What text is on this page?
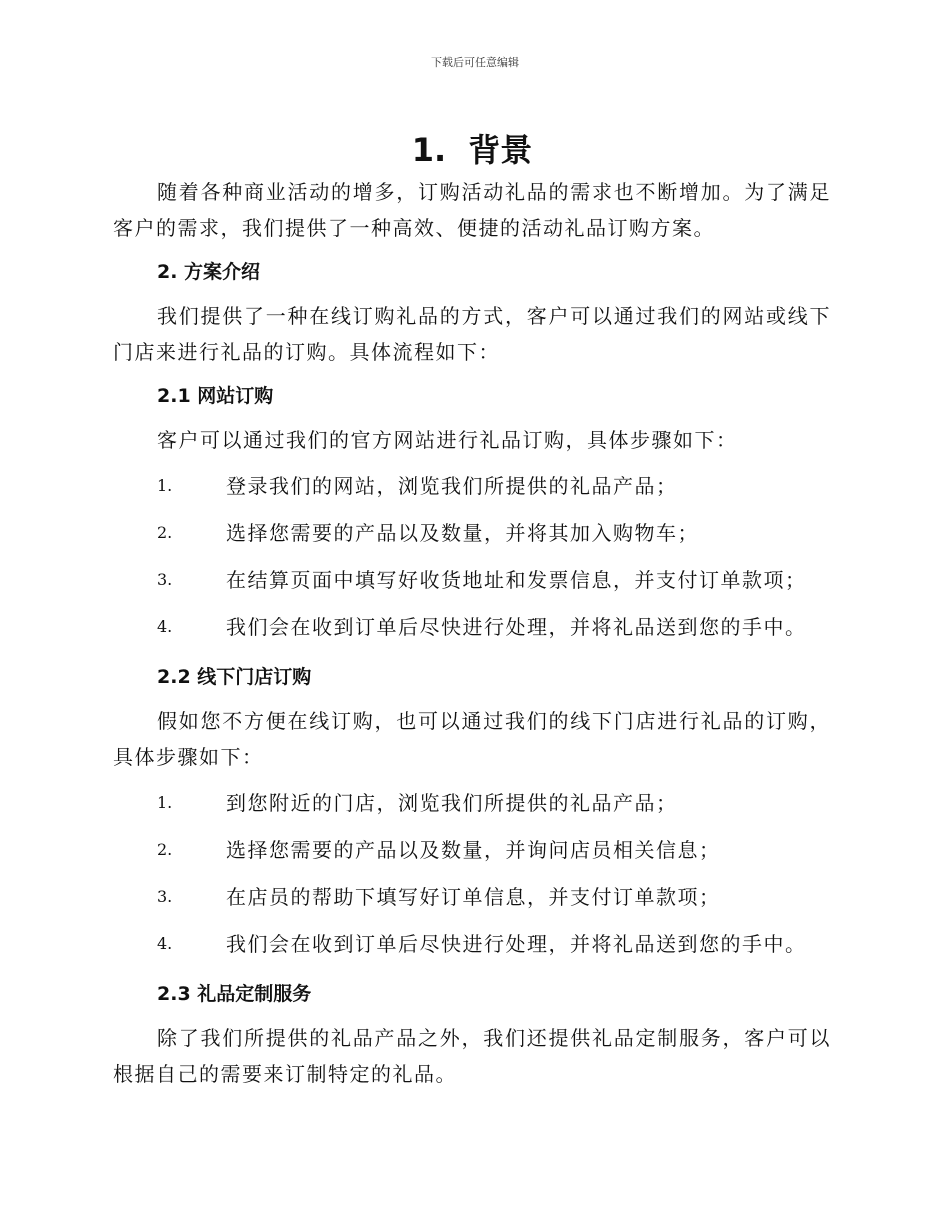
下载后可任意编辑
1. 背景

随着各种商业活动的增多，订购活动礼品的需求也不断增加。为了满足客户的需求，我们提供了一种高效、便捷的活动礼品订购方案。

2. 方案介绍

我们提供了一种在线订购礼品的方式，客户可以通过我们的网站或线下门店来进行礼品的订购。具体流程如下：

2.1 网站订购

客户可以通过我们的官方网站进行礼品订购，具体步骤如下：

1.	登录我们的网站，浏览我们所提供的礼品产品；
2.	选择您需要的产品以及数量，并将其加入购物车；
3.	在结算页面中填写好收货地址和发票信息，并支付订单款项；
4.	我们会在收到订单后尽快进行处理，并将礼品送到您的手中。
2.2 线下门店订购

假如您不方便在线订购，也可以通过我们的线下门店进行礼品的订购，具体步骤如下：

1.	到您附近的门店，浏览我们所提供的礼品产品；
2.	选择您需要的产品以及数量，并询问店员相关信息；
3.	在店员的帮助下填写好订单信息，并支付订单款项；
4.	我们会在收到订单后尽快进行处理，并将礼品送到您的手中。
2.3 礼品定制服务

除了我们所提供的礼品产品之外，我们还提供礼品定制服务，客户可以根据自己的需要来订制特定的礼品。
